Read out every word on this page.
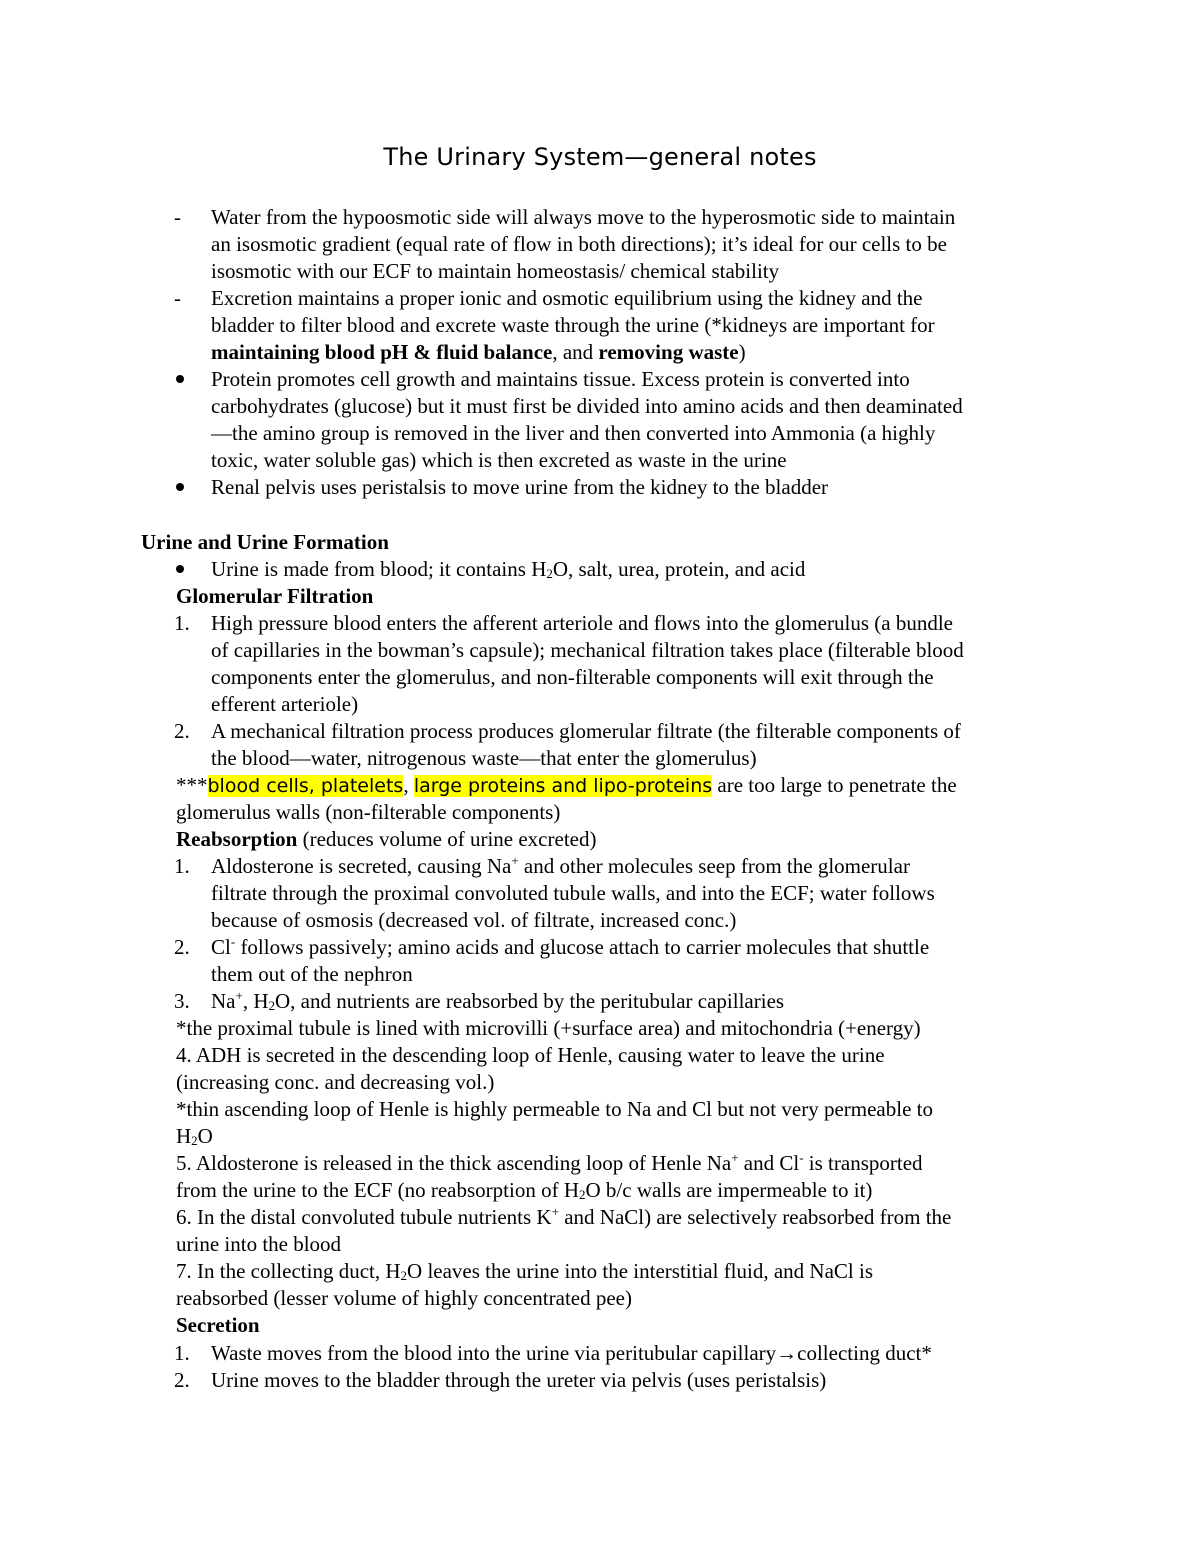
The Urinary System—general notes
- Water from the hypoosmotic side will always move to the hyperosmotic side to maintain
an isosmotic gradient (equal rate of flow in both directions); it’s ideal for our cells to be
isosmotic with our ECF to maintain homeostasis/ chemical stability
- Excretion maintains a proper ionic and osmotic equilibrium using the kidney and the
bladder to filter blood and excrete waste through the urine (*kidneys are important for
maintaining blood pH & fluid balance, and removing waste)
Protein promotes cell growth and maintains tissue. Excess protein is converted into
carbohydrates (glucose) but it must first be divided into amino acids and then deaminated
—the amino group is removed in the liver and then converted into Ammonia (a highly
toxic, water soluble gas) which is then excreted as waste in the urine
Renal pelvis uses peristalsis to move urine from the kidney to the bladder
Urine and Urine Formation
Urine is made from blood; it contains $H_2O$, salt, urea, protein, and acid
Glomerular Filtration
1. High pressure blood enters the afferent arteriole and flows into the glomerulus (a bundle
of capillaries in the bowman’s capsule); mechanical filtration takes place (filterable blood
components enter the glomerulus, and non-filterable components will exit through the
efferent arteriole)
2. A mechanical filtration process produces glomerular filtrate (the filterable components of
the blood—water, nitrogenous waste—that enter the glomerulus)
***blood cells, platelets, large proteins and lipo-proteins are too large to penetrate the
glomerulus walls (non-filterable components)
Reabsorption (reduces volume of urine excreted)
1. Aldosterone is secreted, causing Na+ and other molecules seep from the glomerular
filtrate through the proximal convoluted tubule walls, and into the ECF; water follows
because of osmosis (decreased vol. of filtrate, increased conc.)
2. Cl- follows passively; amino acids and glucose attach to carrier molecules that shuttle
them out of the nephron
3. Na+, $H_2O$, and nutrients are reabsorbed by the peritubular capillaries
*the proximal tubule is lined with microvilli (+surface area) and mitochondria (+energy)
4. ADH is secreted in the descending loop of Henle, causing water to leave the urine
(increasing conc. and decreasing vol.)
*thin ascending loop of Henle is highly permeable to Na and Cl but not very permeable to
$H_2O$
5. Aldosterone is released in the thick ascending loop of Henle Na+ and Cl- is transported
from the urine to the ECF (no reabsorption of $H_2O$ b/c walls are impermeable to it)
6. In the distal convoluted tubule nutrients K+ and NaCl) are selectively reabsorbed from the
urine into the blood
7. In the collecting duct, $H_2O$ leaves the urine into the interstitial fluid, and NaCl is
reabsorbed (lesser volume of highly concentrated pee)
Secretion
1. Waste moves from the blood into the urine via peritubular capillary→collecting duct*
2. Urine moves to the bladder through the ureter via pelvis (uses peristalsis)
